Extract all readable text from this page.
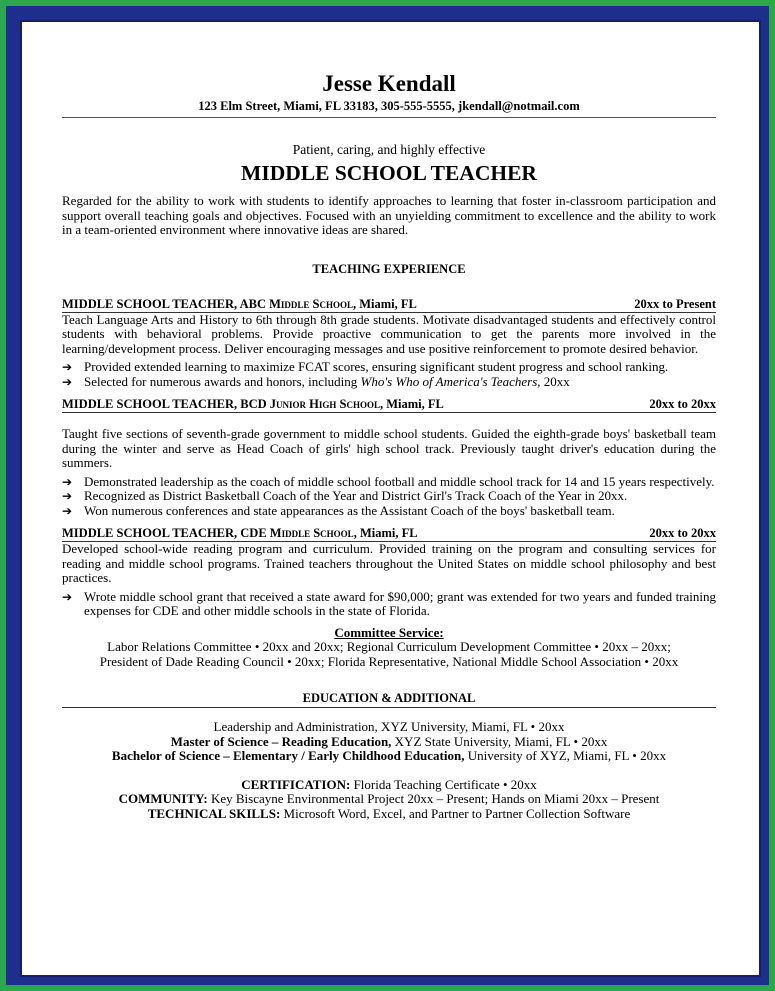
Jesse Kendall
123 Elm Street, Miami, FL 33183, 305-555-5555, jkendall@notmail.com
Patient, caring, and highly effective
MIDDLE SCHOOL TEACHER

Regarded for the ability to work with students to identify approaches to learning that foster in-classroom participation and support overall teaching goals and objectives. Focused with an unyielding commitment to excellence and the ability to work in a team-oriented environment where innovative ideas are shared.

TEACHING EXPERIENCE
MIDDLE SCHOOL TEACHER, ABC Middle School, Miami, FL	20xx to Present

Teach Language Arts and History to 6th through 8th grade students. Motivate disadvantaged students and effectively control students with behavioral problems. Provide proactive communication to get the parents more involved in the learning/development process. Deliver encouraging messages and use positive reinforcement to promote desired behavior.

➔ Provided extended learning to maximize FCAT scores, ensuring significant student progress and school ranking.
➔ Selected for numerous awards and honors, including Who's Who of America's Teachers, 20xx
MIDDLE SCHOOL TEACHER, BCD Junior High School, Miami, FL	20xx to 20xx

Taught five sections of seventh-grade government to middle school students. Guided the eighth-grade boys' basketball team during the winter and serve as Head Coach of girls' high school track. Previously taught driver's education during the summers.

➔ Demonstrated leadership as the coach of middle school football and middle school track for 14 and 15 years respectively.
➔ Recognized as District Basketball Coach of the Year and District Girl's Track Coach of the Year in 20xx.
➔ Won numerous conferences and state appearances as the Assistant Coach of the boys' basketball team.
MIDDLE SCHOOL TEACHER, CDE Middle School, Miami, FL	20xx to 20xx

Developed school-wide reading program and curriculum. Provided training on the program and consulting services for reading and middle school programs. Trained teachers throughout the United States on middle school philosophy and best practices.

➔ Wrote middle school grant that received a state award for $90,000; grant was extended for two years and funded training expenses for CDE and other middle schools in the state of Florida.
Committee Service:
Labor Relations Committee • 20xx and 20xx; Regional Curriculum Development Committee • 20xx – 20xx;
President of Dade Reading Council • 20xx; Florida Representative, National Middle School Association • 20xx
EDUCATION & ADDITIONAL
Leadership and Administration, XYZ University, Miami, FL • 20xx
Master of Science – Reading Education, XYZ State University, Miami, FL • 20xx
Bachelor of Science – Elementary / Early Childhood Education, University of XYZ, Miami, FL • 20xx
CERTIFICATION: Florida Teaching Certificate • 20xx
COMMUNITY: Key Biscayne Environmental Project 20xx – Present; Hands on Miami 20xx – Present
TECHNICAL SKILLS: Microsoft Word, Excel, and Partner to Partner Collection Software
